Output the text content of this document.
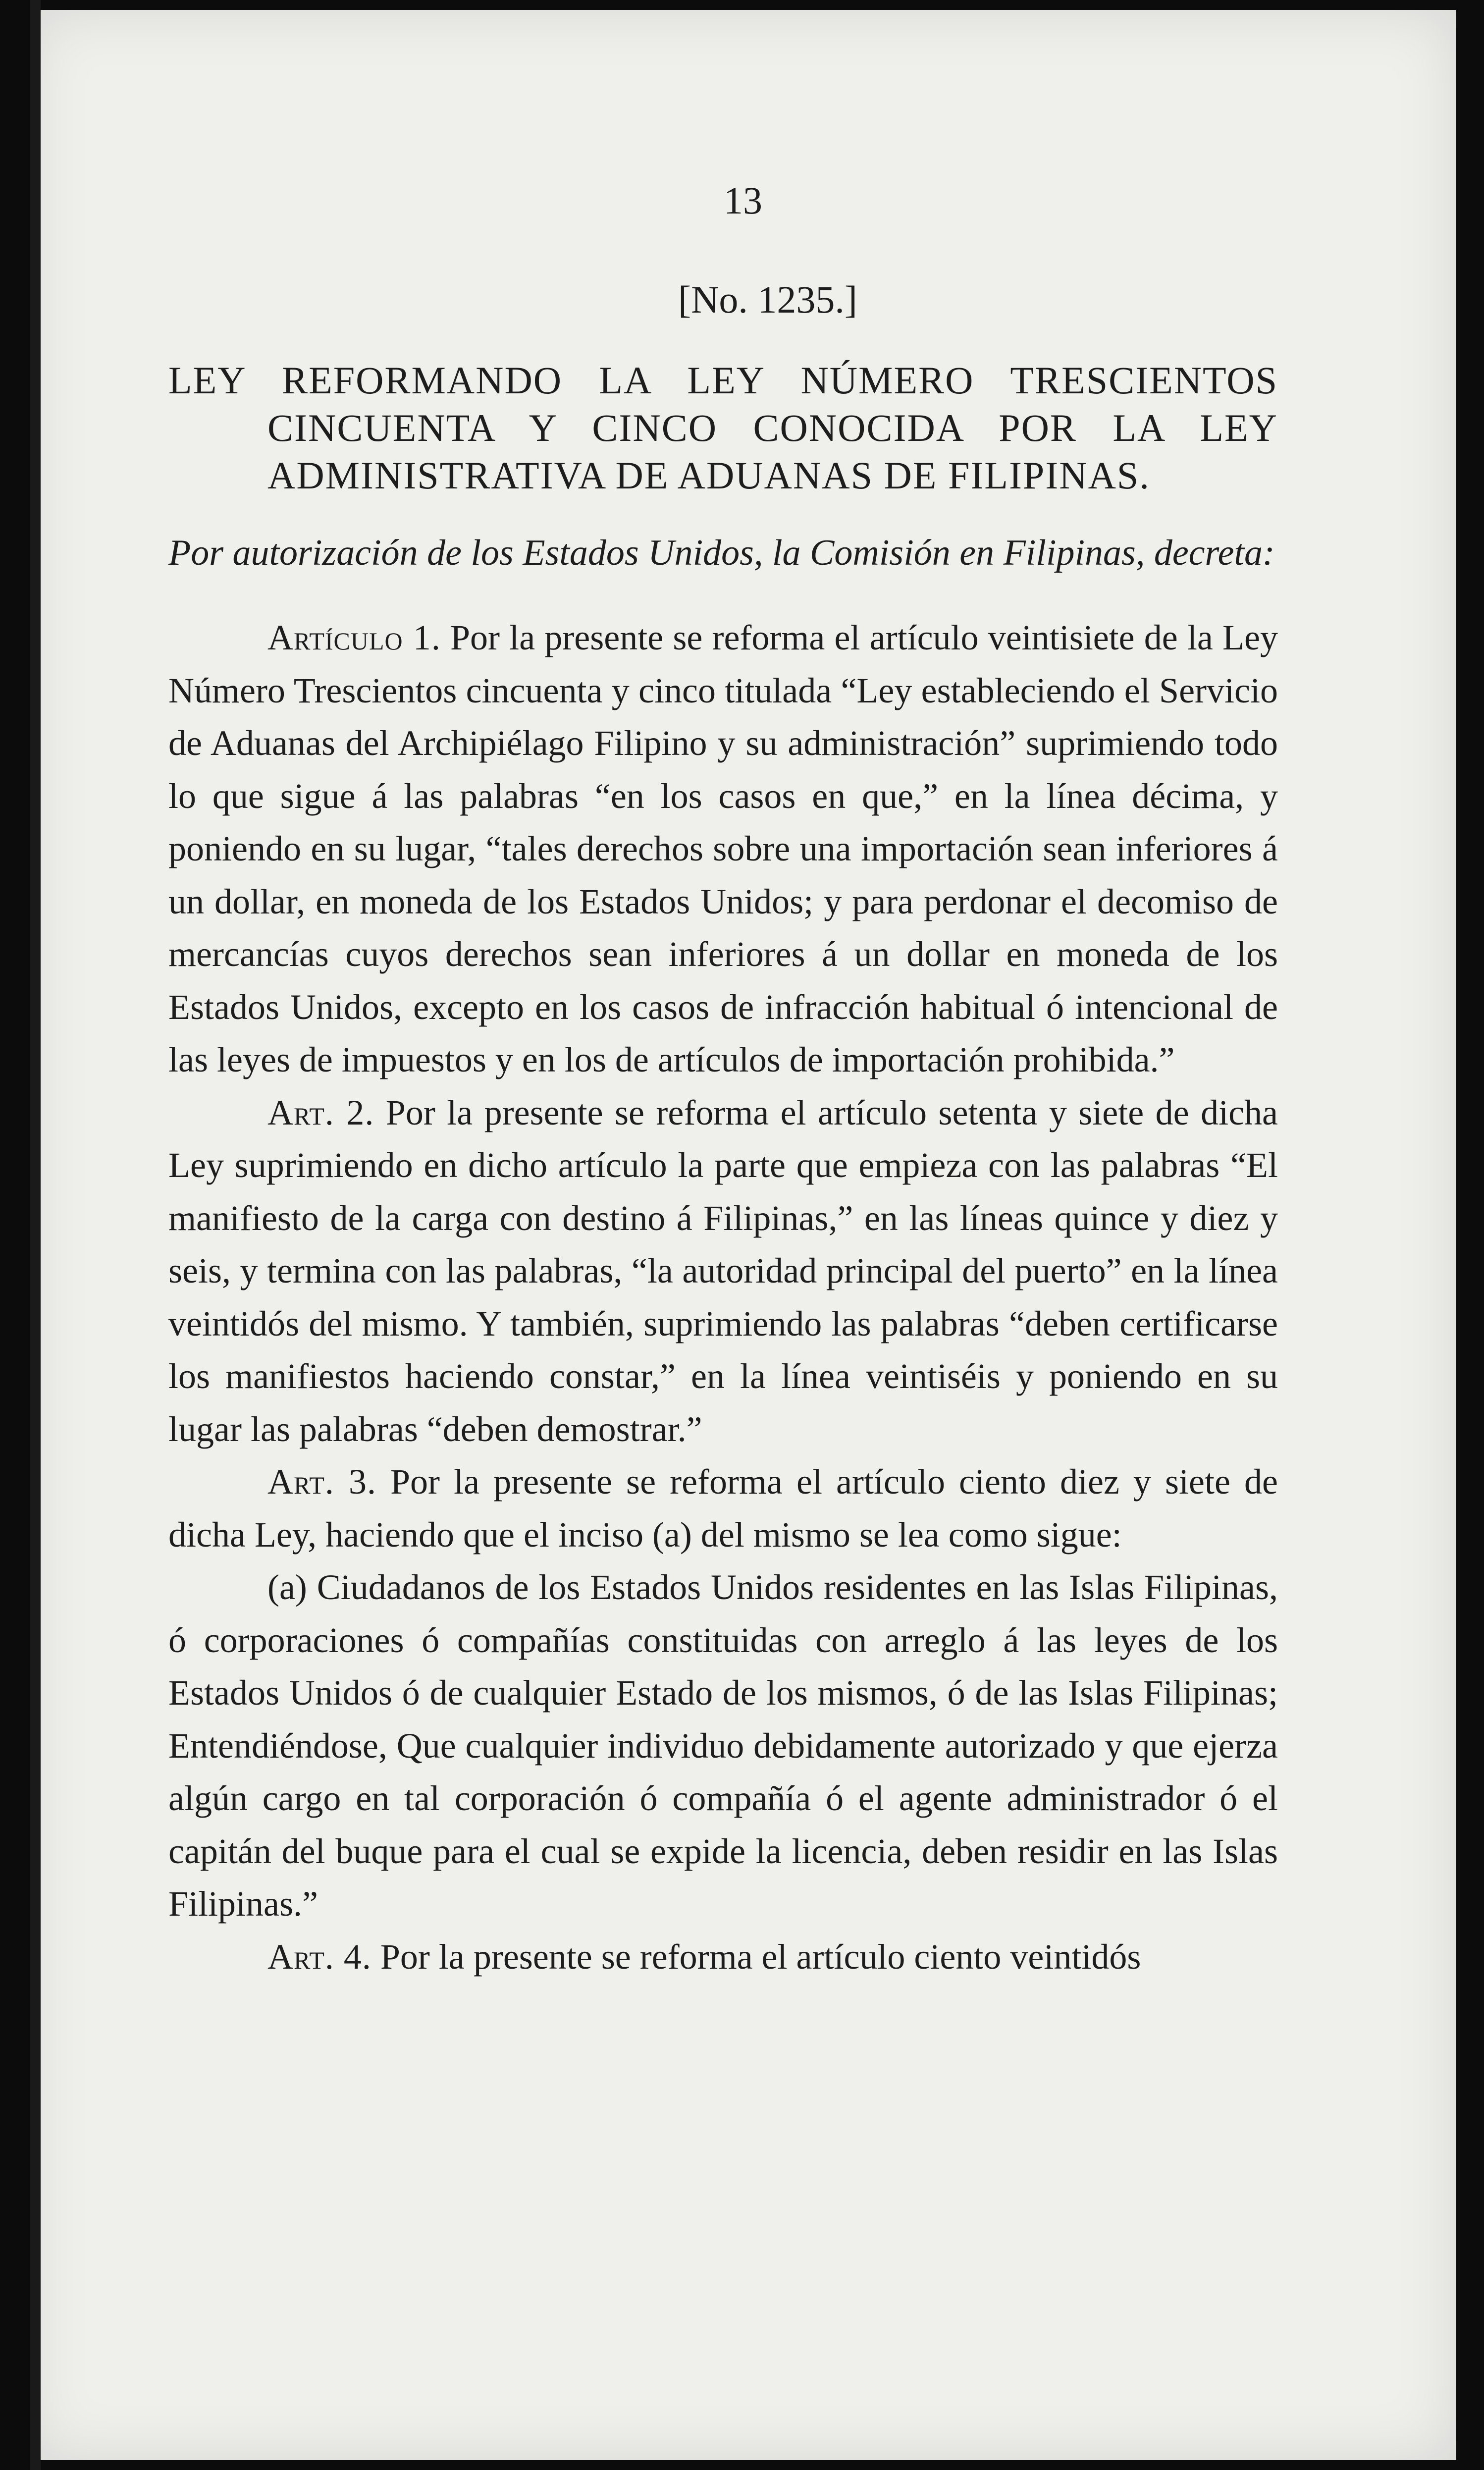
13
[No. 1235.]

LEY REFORMANDO LA LEY NÚMERO TRESCIENTOS CINCUENTA Y CINCO CONOCIDA POR LA LEY ADMINISTRATIVA DE ADUANAS DE FILIPINAS.

Por autorización de los Estados Unidos, la Comisión en Filipinas, decreta:

Artículo 1. Por la presente se reforma el artículo veintisiete de la Ley Número Trescientos cincuenta y cinco titulada “Ley estableciendo el Servicio de Aduanas del Archipiélago Filipino y su administración” suprimiendo todo lo que sigue á las palabras “en los casos en que,” en la línea décima, y poniendo en su lugar, “tales derechos sobre una importación sean inferiores á un dollar, en moneda de los Estados Unidos; y para perdonar el decomiso de mercancías cuyos derechos sean inferiores á un dollar en moneda de los Estados Unidos, excepto en los casos de infracción habitual ó intencional de las leyes de impuestos y en los de artículos de importación prohibida.”

Art. 2. Por la presente se reforma el artículo setenta y siete de dicha Ley suprimiendo en dicho artículo la parte que empieza con las palabras “El manifiesto de la carga con destino á Filipinas,” en las líneas quince y diez y seis, y termina con las palabras, “la autoridad principal del puerto” en la línea veintidós del mismo. Y también, suprimiendo las palabras “deben certificarse los manifiestos haciendo constar,” en la línea veintiséis y poniendo en su lugar las palabras “deben demostrar.”

Art. 3. Por la presente se reforma el artículo ciento diez y siete de dicha Ley, haciendo que el inciso (a) del mismo se lea como sigue:

(a) Ciudadanos de los Estados Unidos residentes en las Islas Filipinas, ó corporaciones ó compañías constituidas con arreglo á las leyes de los Estados Unidos ó de cualquier Estado de los mismos, ó de las Islas Filipinas; Entendiéndose, Que cualquier individuo debidamente autorizado y que ejerza algún cargo en tal corporación ó compañía ó el agente administrador ó el capitán del buque para el cual se expide la licencia, deben residir en las Islas Filipinas.”

Art. 4. Por la presente se reforma el artículo ciento veintidós
